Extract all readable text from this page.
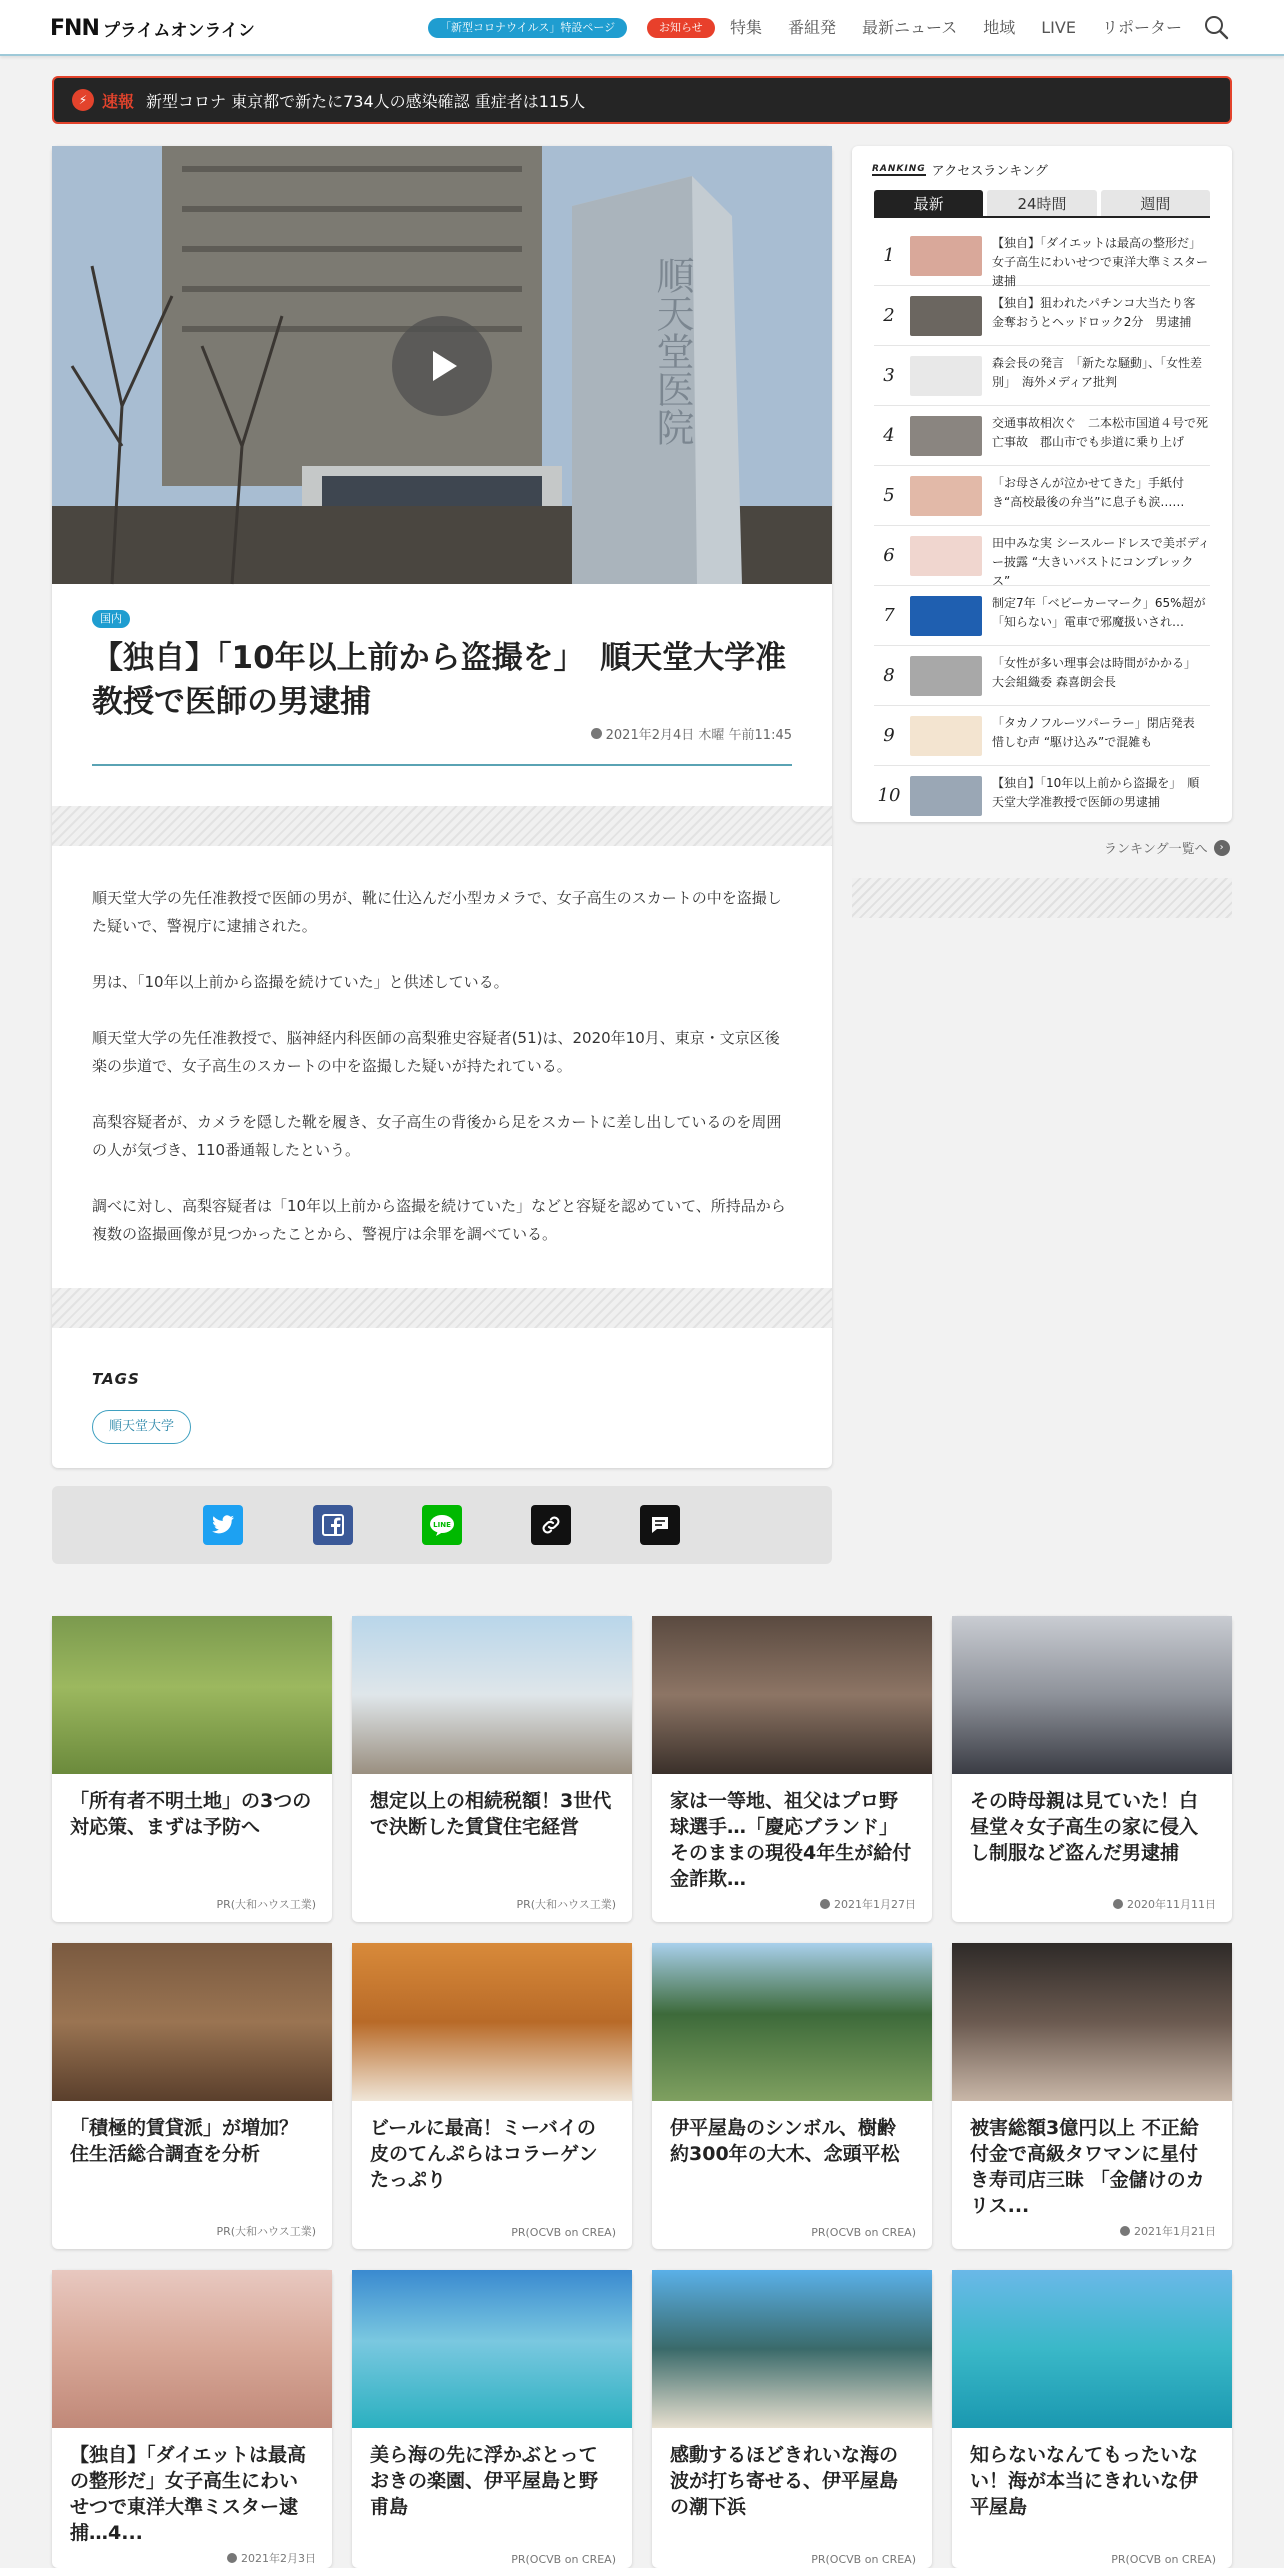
FNN プライムオンライン	「新型コロナウイルス」特設ページ	お知らせ	特集 番組発 最新ニュース 地域 LIVE リポーター
⚡ 速報 新型コロナ 東京都で新たに734人の感染確認 重症者は115人
順天堂医院
国内
【独自】「10年以上前から盗撮を」　順天堂大学准教授で医師の男逮捕
2021年2月4日 木曜 午前11:45

順天堂大学の先任准教授で医師の男が、靴に仕込んだ小型カメラで、女子高生のスカートの中を盗撮した疑いで、警視庁に逮捕された。

男は、「10年以上前から盗撮を続けていた」と供述している。

順天堂大学の先任准教授で、脳神経内科医師の高梨雅史容疑者(51)は、2020年10月、東京・文京区後楽の歩道で、女子高生のスカートの中を盗撮した疑いが持たれている。

高梨容疑者が、カメラを隠した靴を履き、女子高生の背後から足をスカートに差し出しているのを周囲の人が気づき、110番通報したという。

調べに対し、高梨容疑者は「10年以上前から盗撮を続けていた」などと容疑を認めていて、所持品から複数の盗撮画像が見つかったことから、警視庁は余罪を調べている。

TAGS
順天堂大学
LINE
RANKING アクセスランキング
最新	24時間	週間
1
【独自】「ダイエットは最高の整形だ」女子高生にわいせつで東洋大準ミスター逮捕
2
【独自】狙われたパチンコ大当たり客　金奪おうとヘッドロック2分　男逮捕
3
森会長の発言　「新たな騒動」、「女性差別」　海外メディア批判
4
交通事故相次ぐ　二本松市国道４号で死亡事故　郡山市でも歩道に乗り上げ
5
「お母さんが泣かせてきた」手紙付き“高校最後の弁当”に息子も涙……
6
田中みな実 シースルードレスで美ボディー披露 “大きいバストにコンプレックス”
7
制定7年「ベビーカーマーク」65%超が「知らない」電車で邪魔扱いされ…
8
「女性が多い理事会は時間がかかる」　大会組織委 森喜朗会長
9
「タカノフルーツパーラー」閉店発表　惜しむ声 “駆け込み”で混雑も
10
【独自】「10年以上前から盗撮を」　順天堂大学准教授で医師の男逮捕
ランキング一覧へ	›
「所有者不明土地」の3つの対応策、まずは予防へ
PR(大和ハウス工業)
想定以上の相続税額！3世代で決断した賃貸住宅経営
PR(大和ハウス工業)
家は一等地、祖父はプロ野球選手…「慶応ブランド」そのままの現役4年生が給付金詐欺…
2021年1月27日
その時母親は見ていた！白昼堂々女子高生の家に侵入し制服など盗んだ男逮捕
2020年11月11日
「積極的賃貸派」が増加？住生活総合調査を分析
PR(大和ハウス工業)
ビールに最高！ミーバイの皮のてんぷらはコラーゲンたっぷり
PR(OCVB on CREA)
伊平屋島のシンボル、樹齢約300年の大木、念頭平松
PR(OCVB on CREA)
被害総額3億円以上 不正給付金で高級タワマンに星付き寿司店三昧 「金儲けのカリス...
2021年1月21日
【独自】「ダイエットは最高の整形だ」女子高生にわいせつで東洋大準ミスター逮捕…4...
2021年2月3日
美ら海の先に浮かぶとっておきの楽園、伊平屋島と野甫島
PR(OCVB on CREA)
感動するほどきれいな海の波が打ち寄せる、伊平屋島の潮下浜
PR(OCVB on CREA)
知らないなんてもったいない！海が本当にきれいな伊平屋島
PR(OCVB on CREA)
